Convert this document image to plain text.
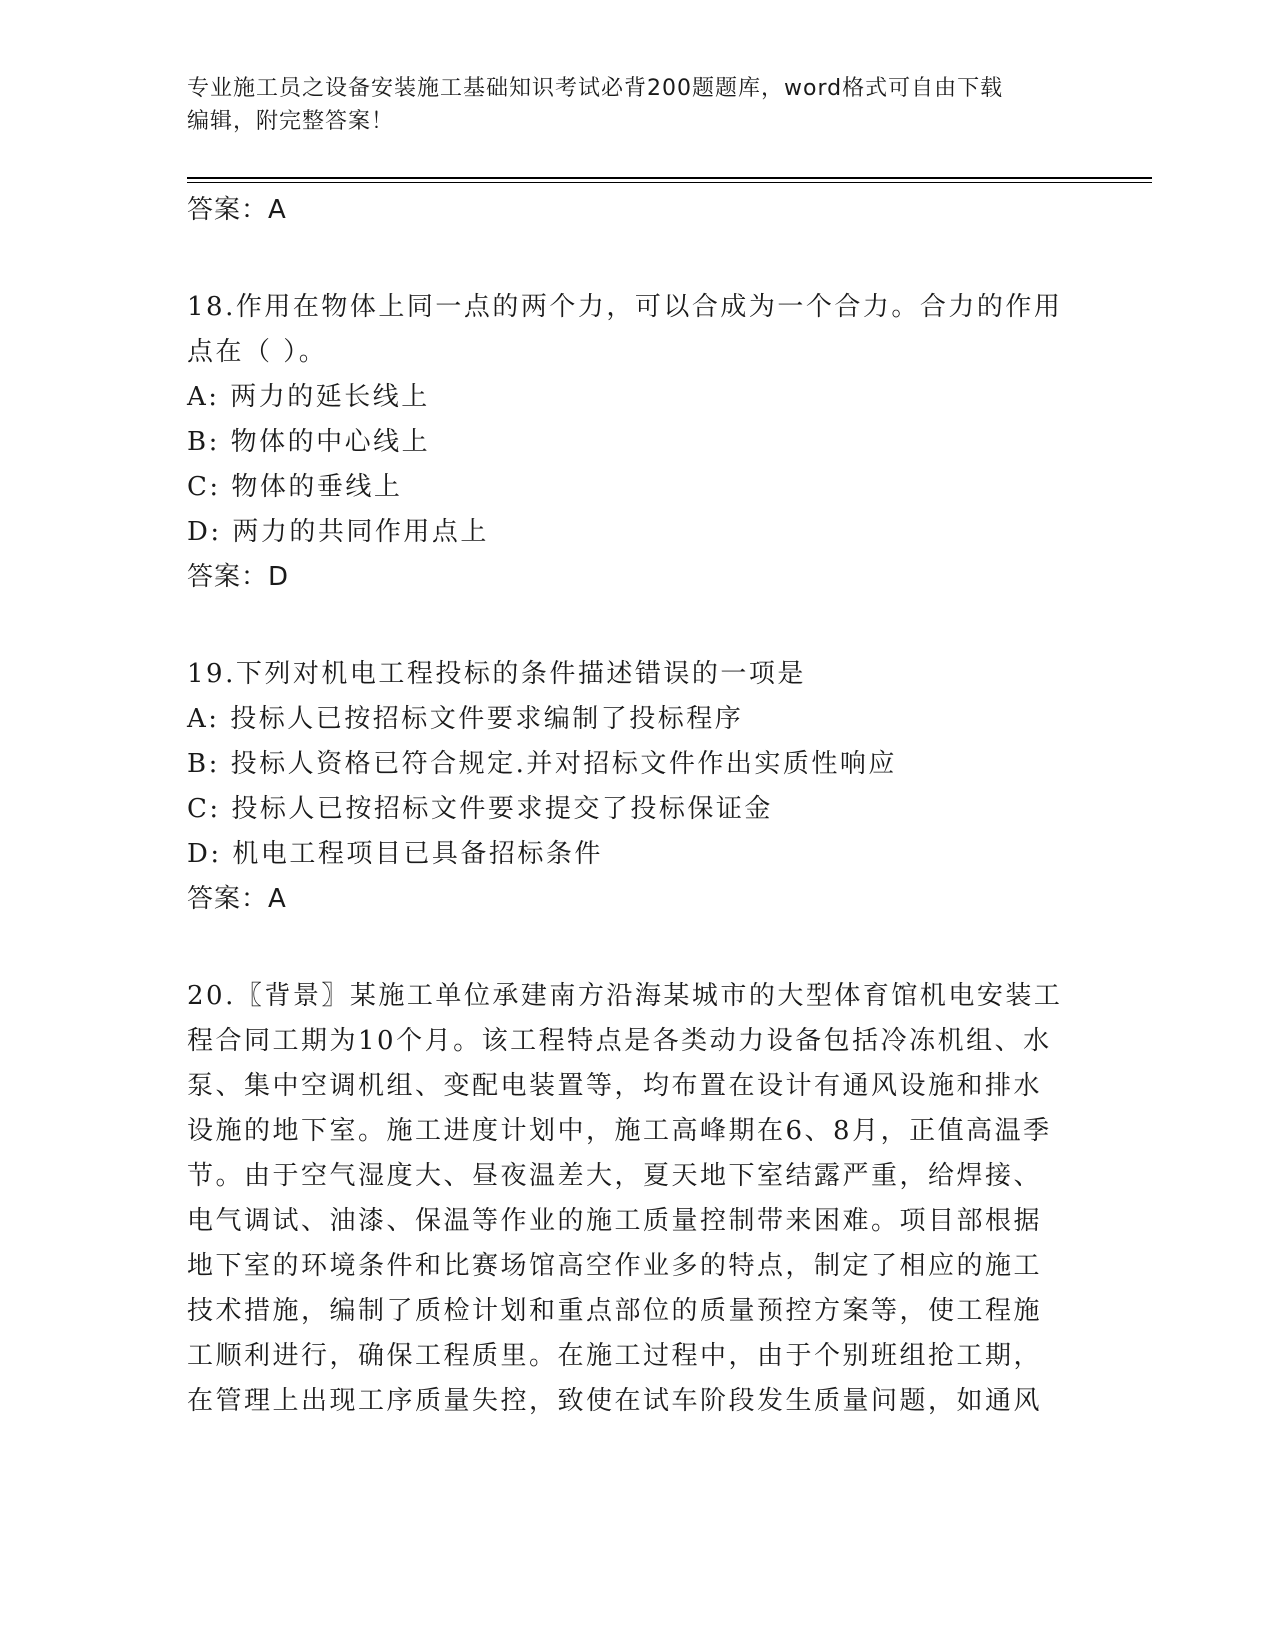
专业施工员之设备安装施工基础知识考试必背200题题库，word格式可自由下载
编辑，附完整答案！
答案：A
18.作用在物体上同一点的两个力，可以合成为一个合力。合力的作用
点在（ ）。
A: 两力的延长线上
B: 物体的中心线上
C: 物体的垂线上
D: 两力的共同作用点上
答案：D
19.下列对机电工程投标的条件描述错误的一项是
A: 投标人已按招标文件要求编制了投标程序
B: 投标人资格已符合规定.并对招标文件作出实质性响应
C: 投标人已按招标文件要求提交了投标保证金
D: 机电工程项目已具备招标条件
答案：A
20.〖背景〗某施工单位承建南方沿海某城市的大型体育馆机电安装工
程合同工期为10个月。该工程特点是各类动力设备包括冷冻机组、水
泵、集中空调机组、变配电装置等，均布置在设计有通风设施和排水
设施的地下室。施工进度计划中，施工高峰期在6、8月，正值高温季
节。由于空气湿度大、昼夜温差大，夏天地下室结露严重，给焊接、
电气调试、油漆、保温等作业的施工质量控制带来困难。项目部根据
地下室的环境条件和比赛场馆高空作业多的特点，制定了相应的施工
技术措施，编制了质检计划和重点部位的质量预控方案等，使工程施
工顺利进行，确保工程质里。在施工过程中，由于个别班组抢工期，
在管理上出现工序质量失控，致使在试车阶段发生质量问题，如通风
